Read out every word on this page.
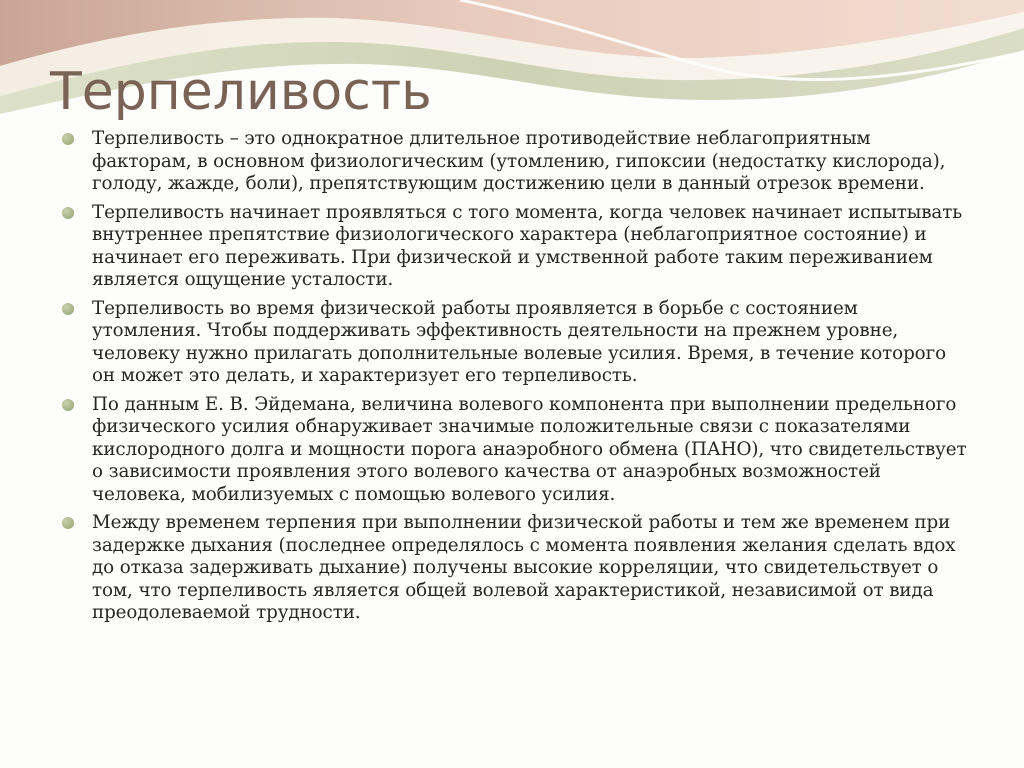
Терпеливость
Терпеливость – это однократное длительное противодействие неблагоприятным факторам, в основном физиологическим (утомлению, гипоксии (недостатку кислорода), голоду, жажде, боли), препятствующим достижению цели в данный отрезок времени.
Терпеливость начинает проявляться с того момента, когда человек начинает испытывать внутреннее препятствие физиологического характера (неблагоприятное состояние) и начинает его переживать. При физической и умственной работе таким переживанием является ощущение усталости.
Терпеливость во время физической работы проявляется в борьбе с состоянием утомления. Чтобы поддерживать эффективность деятельности на прежнем уровне, человеку нужно прилагать дополнительные волевые усилия. Время, в течение которого он может это делать, и характеризует его терпеливость.
По данным Е. В. Эйдемана, величина волевого компонента при выполнении предельного физического усилия обнаруживает значимые положительные связи с показателями кислородного долга и мощности порога анаэробного обмена (ПАНО), что свидетельствует о зависимости проявления этого волевого качества от анаэробных возможностей человека, мобилизуемых с помощью волевого усилия.
Между временем терпения при выполнении физической работы и тем же временем при задержке дыхания (последнее определялось с момента появления желания сделать вдох до отказа задерживать дыхание) получены высокие корреляции, что свидетельствует о том, что терпеливость является общей волевой характеристикой, независимой от вида преодолеваемой трудности.
